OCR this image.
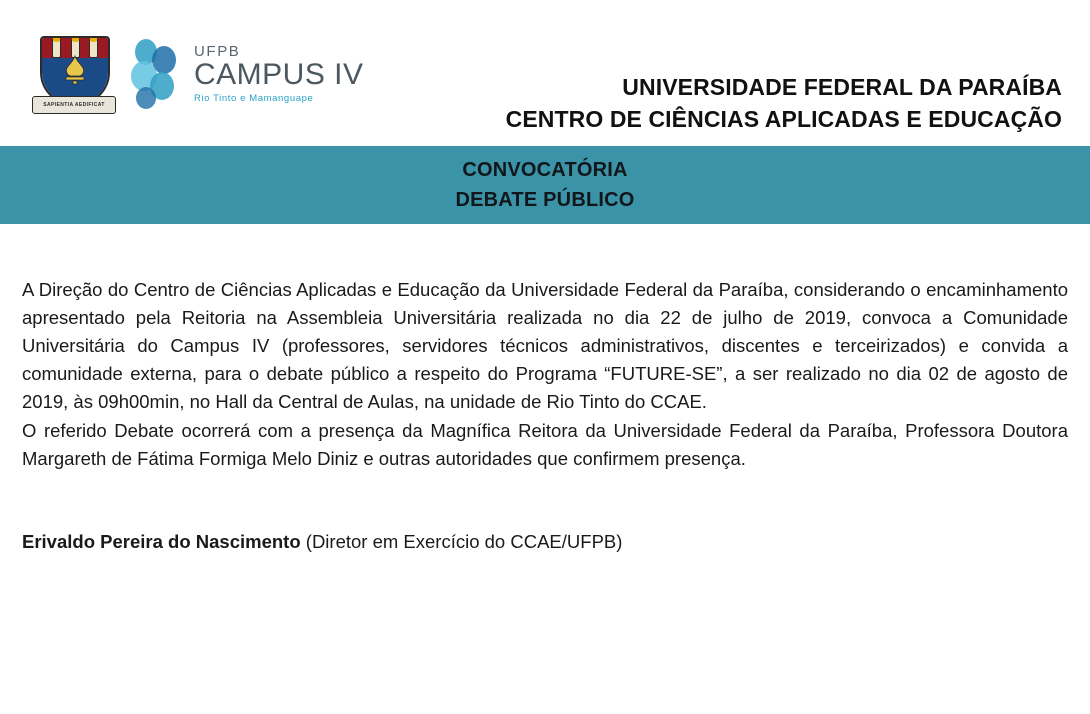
SAPIENTIA AEDIFICAT
UFPB
CAMPUS IV
Rio Tinto e Mamanguape	UNIVERSIDADE FEDERAL DA PARAÍBA
CENTRO DE CIÊNCIAS APLICADAS E EDUCAÇÃO
CONVOCATÓRIA
DEBATE PÚBLICO

A Direção do Centro de Ciências Aplicadas e Educação da Universidade Federal da Paraíba, considerando o encaminhamento apresentado pela Reitoria na Assembleia Universitária realizada no dia 22 de julho de 2019, convoca a Comunidade Universitária do Campus IV (professores, servidores técnicos administrativos, discentes e terceirizados) e convida a comunidade externa, para o debate público a respeito do Programa “FUTURE-SE”, a ser realizado no dia 02 de agosto de 2019, às 09h00min, no Hall da Central de Aulas, na unidade de Rio Tinto do CCAE.

O referido Debate ocorrerá com a presença da Magnífica Reitora da Universidade Federal da Paraíba, Professora Doutora Margareth de Fátima Formiga Melo Diniz e outras autoridades que confirmem presença.

Erivaldo Pereira do Nascimento (Diretor em Exercício do CCAE/UFPB)
